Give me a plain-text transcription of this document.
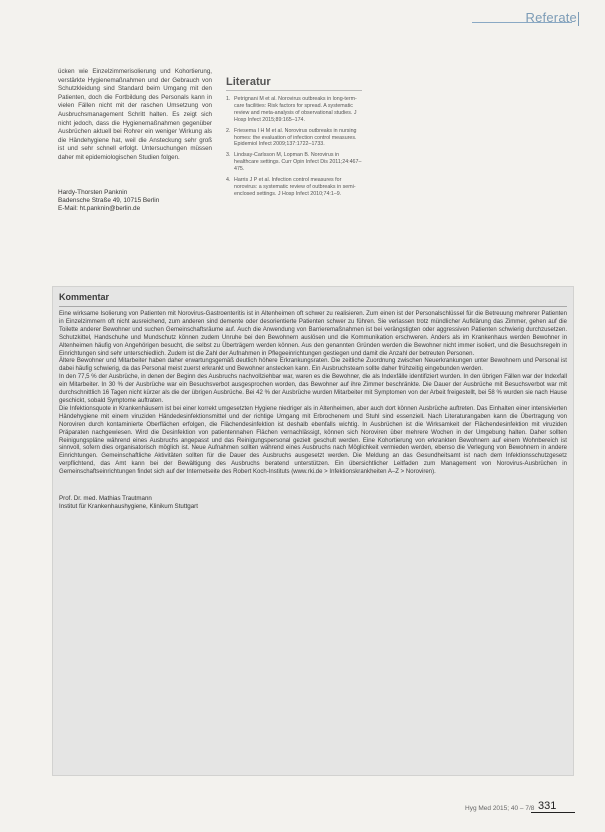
Referate
ücken wie Einzelzimmerisolierung und Kohortierung, verstärkte Hygienemaßnahmen und der Gebrauch von Schutzkleidung sind Standard beim Umgang mit den Patienten, doch die Fortbildung des Personals kann in vielen Fällen nicht mit der raschen Umsetzung von Ausbruchsmanagement Schritt halten. Es zeigt sich nicht jedoch, dass die Hygienemaßnahmen gegenüber Ausbrüchen aktuell bei Rohrer ein weniger Wirkung als die Händehygiene hat, weil die Ansteckung sehr groß ist und sehr schnell erfolgt. Untersuchungen müssen daher mit epidemiologischen Studien folgen.
Hardy-Thorsten Panknin
Badensche Straße 49, 10715 Berlin
E-Mail: ht.panknin@berlin.de
Literatur
1. Petrignani M et al. Norovirus outbreaks in long-term-care facilities: Risk factors for spread. A systematic review and meta-analysis of observational studies. J Hosp Infect 2015;89:165–174.
2. Friesema I H M et al. Norovirus outbreaks in nursing homes: the evaluation of infection control measures. Epidemiol Infect 2009;137:1722–1733.
3. Lindsay-Carlsson M, Lopman B. Norovirus in healthcare settings. Curr Opin Infect Dis 2011;24:467–475.
4. Harris J P et al. Infection control measures for norovirus: a systematic review of outbreaks in semi-enclosed settings. J Hosp Infect 2010;74:1–9.
Kommentar

Eine wirksame Isolierung von Patienten mit Norovirus-Gastroenteritis ist in Altenheimen oft schwer zu realisieren. Zum einen ist der Personalschlüssel für die Betreuung mehrerer Patienten in Einzelzimmern oft nicht ausreichend, zum anderen sind demente oder desorientierte Patienten schwer zu führen. Sie verlassen trotz mündlicher Aufklärung das Zimmer, gehen auf die Toilette anderer Bewohner und suchen Gemeinschaftsräume auf. Auch die Anwendung von Barrieremaßnahmen ist bei verängstigten oder aggressiven Patienten schwierig durchzusetzen. Schutzkittel, Handschuhe und Mundschutz können zudem Unruhe bei den Bewohnern auslösen und die Kommunikation erschweren. Anders als im Krankenhaus werden Bewohner in Altenheimen häufig von Angehörigen besucht, die selbst zu Überträgern werden können. Aus den genannten Gründen werden die Bewohner nicht immer isoliert, und die Besuchsregeln in Einrichtungen sind sehr unterschiedlich. Zudem ist die Zahl der Aufnahmen in Pflegeeinrichtungen gestiegen und damit die Anzahl der betreuten Personen.

Ältere Bewohner und Mitarbeiter haben daher erwartungsgemäß deutlich höhere Erkrankungsraten. Die zeitliche Zuordnung zwischen Neuerkrankungen unter Bewohnern und Personal ist dabei häufig schwierig, da das Personal meist zuerst erkrankt und Bewohner anstecken kann. Ein Ausbruchsteam sollte daher frühzeitig eingebunden werden.

In den 77,5 % der Ausbrüche, in denen der Beginn des Ausbruchs nachvollziehbar war, waren es die Bewohner, die als Indexfälle identifiziert wurden. In den übrigen Fällen war der Indexfall ein Mitarbeiter. In 30 % der Ausbrüche war ein Besuchsverbot ausgesprochen worden, das Bewohner auf ihre Zimmer beschränkte. Die Dauer der Ausbrüche mit Besuchsverbot war mit durchschnittlich 16 Tagen nicht kürzer als die der übrigen Ausbrüche. Bei 42 % der Ausbrüche wurden Mitarbeiter mit Symptomen von der Arbeit freigestellt, bei 58 % wurden sie nach Hause geschickt, sobald Symptome auftraten.

Die Infektionsquote in Krankenhäusern ist bei einer korrekt umgesetzten Hygiene niedriger als in Altenheimen, aber auch dort können Ausbrüche auftreten. Das Einhalten einer intensivierten Händehygiene mit einem viruziden Händedesinfektionsmittel und der richtige Umgang mit Erbrochenem und Stuhl sind essenziell. Nach Literaturangaben kann die Übertragung von Noroviren durch kontaminierte Oberflächen erfolgen, die Flächendesinfektion ist deshalb ebenfalls wichtig. In Ausbrüchen ist die Wirksamkeit der Flächendesinfektion mit viruziden Präparaten nachgewiesen. Wird die Desinfektion von patientennahen Flächen vernachlässigt, können sich Noroviren über mehrere Wochen in der Umgebung halten. Daher sollten Reinigungspläne während eines Ausbruchs angepasst und das Reinigungspersonal gezielt geschult werden. Eine Kohortierung von erkrankten Bewohnern auf einem Wohnbereich ist sinnvoll, sofern dies organisatorisch möglich ist. Neue Aufnahmen sollten während eines Ausbruchs nach Möglichkeit vermieden werden, ebenso die Verlegung von Bewohnern in andere Einrichtungen. Gemeinschaftliche Aktivitäten sollten für die Dauer des Ausbruchs ausgesetzt werden. Die Meldung an das Gesundheitsamt ist nach dem Infektionsschutzgesetz verpflichtend, das Amt kann bei der Bewältigung des Ausbruchs beratend unterstützen. Ein übersichtlicher Leitfaden zum Management von Norovirus-Ausbrüchen in Gemeinschaftseinrichtungen findet sich auf der Internetseite des Robert Koch-Instituts (www.rki.de > Infektionskrankheiten A–Z > Noroviren).

Prof. Dr. med. Mathias Trautmann
Institut für Krankenhaushygiene, Klinikum Stuttgart
Hyg Med 2015; 40 – 7/8 331
